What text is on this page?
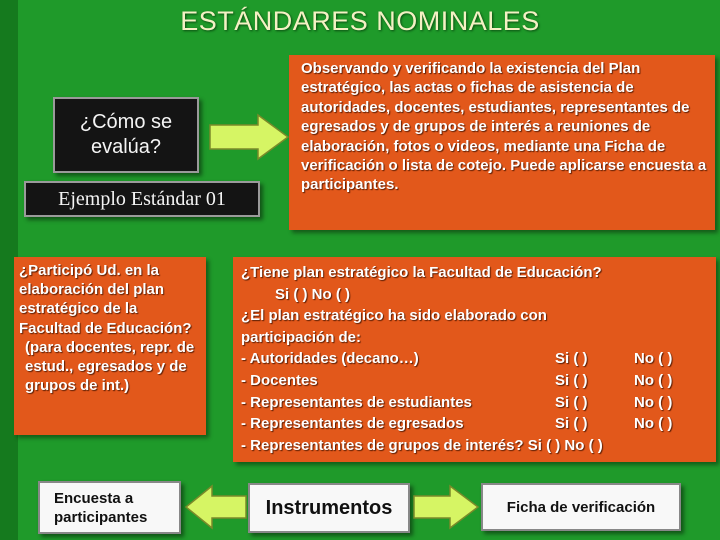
ESTÁNDARES NOMINALES
¿Cómo se evalúa?
Ejemplo Estándar 01
Observando y verificando la existencia del Plan estratégico, las actas o fichas de asistencia de autoridades, docentes, estudiantes, representantes de egresados y de grupos de interés a reuniones de elaboración, fotos o videos, mediante una Ficha de verificación o lista de cotejo. Puede aplicarse encuesta a participantes.
¿Participó Ud. en la elaboración del plan estratégico de la Facultad de Educación?
(para docentes, repr. de estud., egresados y de grupos de int.)
¿Tiene plan estratégico la Facultad de Educación?
Si ( ) No ( )
¿El plan estratégico ha sido elaborado con
participación de:
- Autoridades (decano…)	Si ( )	No ( )
- Docentes	Si ( )	No ( )
- Representantes de estudiantes	Si ( )	No ( )
- Representantes de egresados	Si ( )	No ( )
- Representantes de grupos de interés? Si ( ) No ( )
Encuesta a participantes	Instrumentos	Ficha de verificación
